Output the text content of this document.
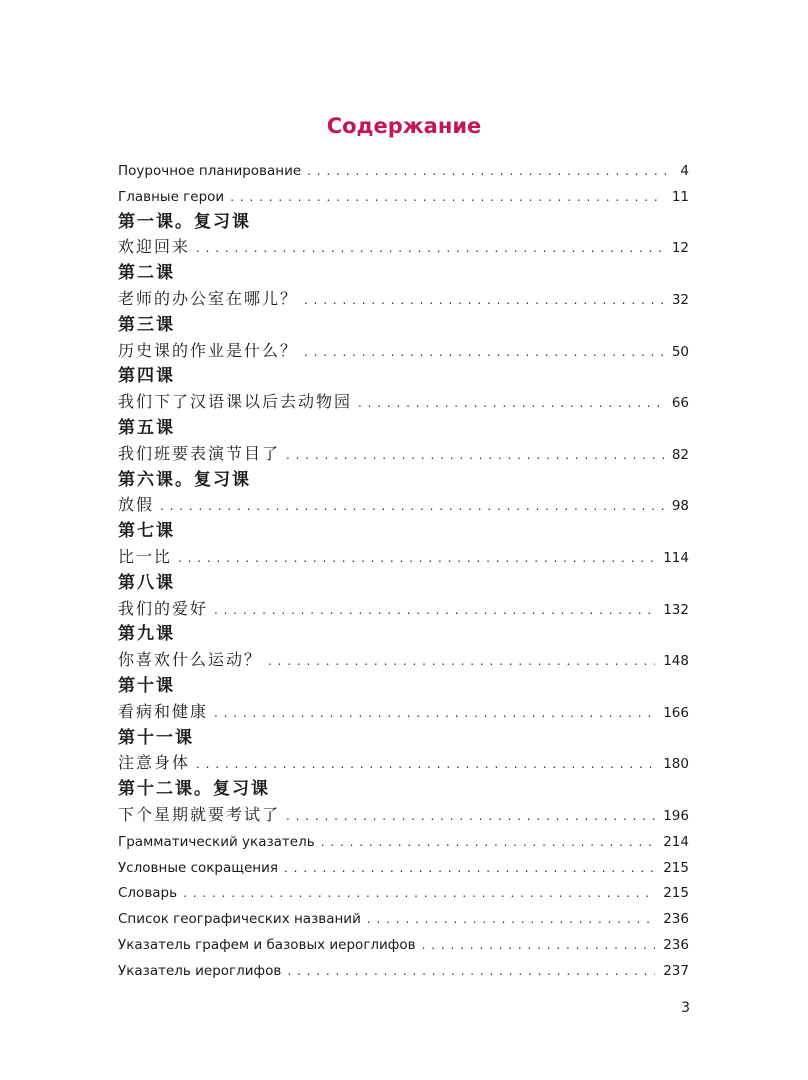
Содержание
Поурочное планирование . . .	4
Главные герои . . .	11
第一课。复习课
欢迎回来 . . .	12
第二课
老师的办公室在哪儿？ . . .	32
第三课
历史课的作业是什么？ . . .	50
第四课
我们下了汉语课以后去动物园 . . .	66
第五课
我们班要表演节目了 . . .	82
第六课。复习课
放假 . . .	98
第七课
比一比 . . .	114
第八课
我们的爱好 . . .	132
第九课
你喜欢什么运动？ . . .	148
第十课
看病和健康 . . .	166
第十一课
注意身体 . . .	180
第十二课。复习课
下个星期就要考试了 . . .	196
Грамматический указатель . . .	214
Условные сокращения . . .	215
Словарь . . .	215
Список географических названий . . .	236
Указатель графем и базовых иероглифов . . .	236
Указатель иероглифов . . .	237
3
